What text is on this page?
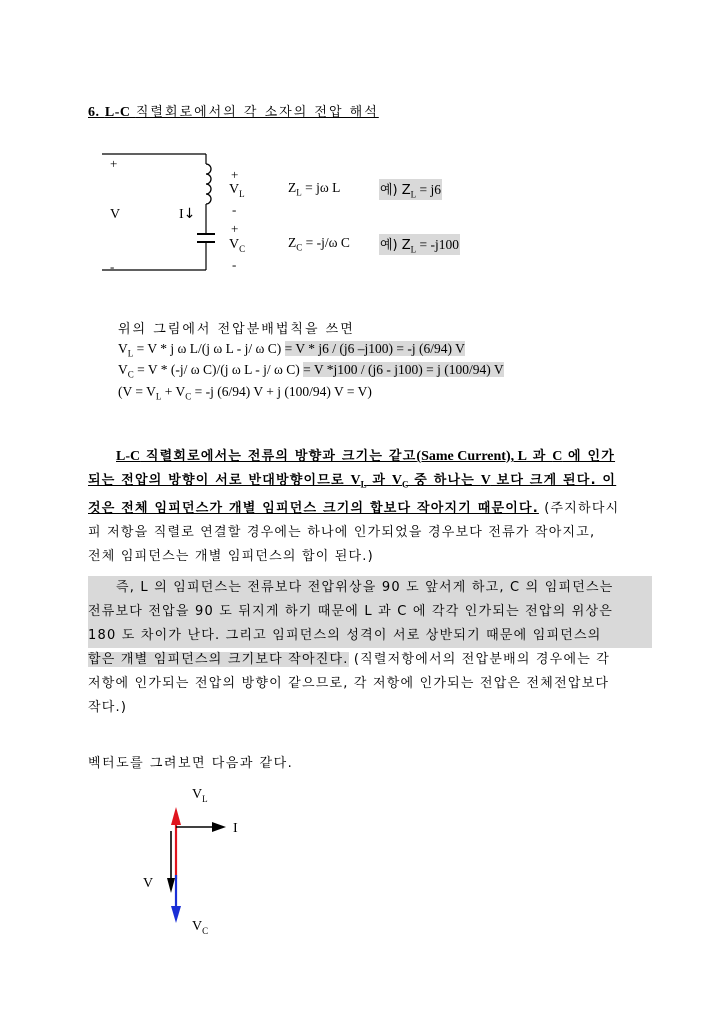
6. L-C 직렬회로에서의 각 소자의 전압 해석
+
V
-
I↓
+
$V_L$
-
+
$V_C$
-
$Z_L = j\omega$ L	예) $Z_L = j6$
$Z_C = -j/\omega$ C 예) $Z_L = -j100$
위의 그림에서 전압분배법칙을 쓰면
$V_L = V * j$ ω L/(j ω L - j/ ω C) = V * j6 / (j6 –j100) = -j (6/94) V
$V_C = V * (-j/$ ω C)/(j ω L - j/ ω C) = V *j100 / (j6 - j100) = j (100/94) V
($V = V_L + V_C = -j$ (6/94) V + j (100/94) V = V)
L-C 직렬회로에서는 전류의 방향과 크기는 같고(Same Current), L 과 C 에 인가
되는 전압의 방향이 서로 반대방향이므로 $V_L$ 과 $V_C$ 중 하나는 V 보다 크게 된다. 이
것은 전체 임피던스가 개별 임피던스 크기의 합보다 작아지기 때문이다. (주지하다시
피 저항을 직렬로 연결할 경우에는 하나에 인가되었을 경우보다 전류가 작아지고,
전체 임피던스는 개별 임피던스의 합이 된다.)
즉, L 의 임피던스는 전류보다 전압위상을 90 도 앞서게 하고, C 의 임피던스는
전류보다 전압을 90 도 뒤지게 하기 때문에 L 과 C 에 각각 인가되는 전압의 위상은
180 도 차이가 난다. 그리고 임피던스의 성격이 서로 상반되기 때문에 임피던스의
합은 개별 임피던스의 크기보다 작아진다. (직렬저항에서의 전압분배의 경우에는 각
저항에 인가되는 전압의 방향이 같으므로, 각 저항에 인가되는 전압은 전체전압보다
작다.)
벡터도를 그려보면 다음과 같다.
$V_L$
I
V
$V_C$
